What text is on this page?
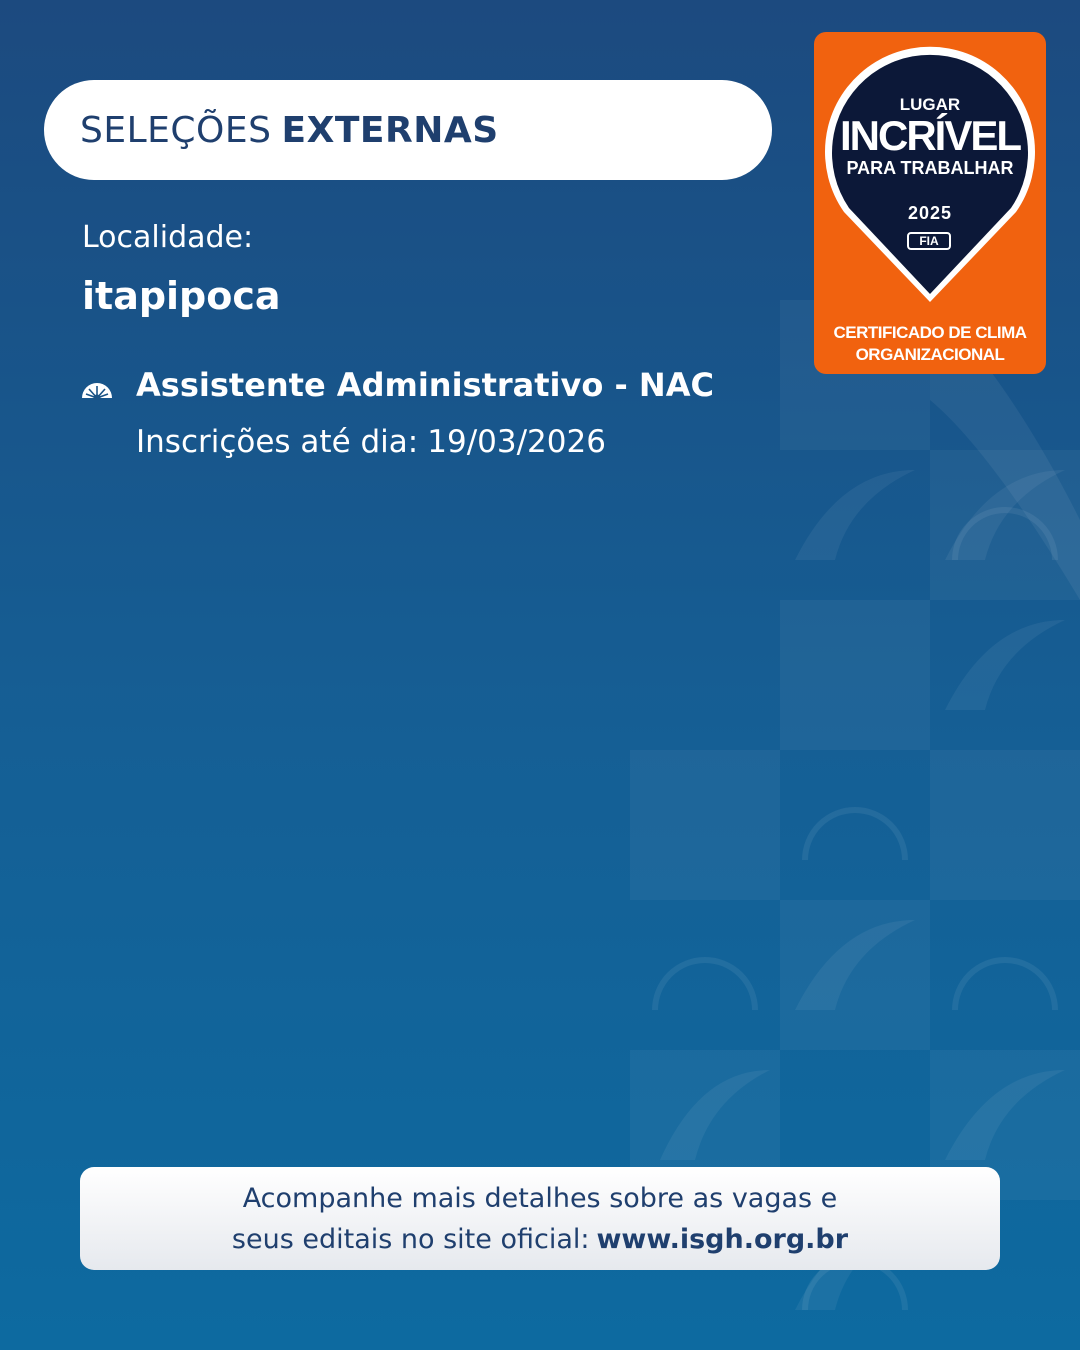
SELEÇÕES EXTERNAS
LUGAR
INCRÍVEL
PARA TRABALHAR
2025
FIA
CERTIFICADO DE CLIMA
ORGANIZACIONAL
Localidade:
itapipoca
Assistente Administrativo - NAC
Inscrições até dia: 19/03/2026
Acompanhe mais detalhes sobre as vagas e
seus editais no site oficial: www.isgh.org.br
